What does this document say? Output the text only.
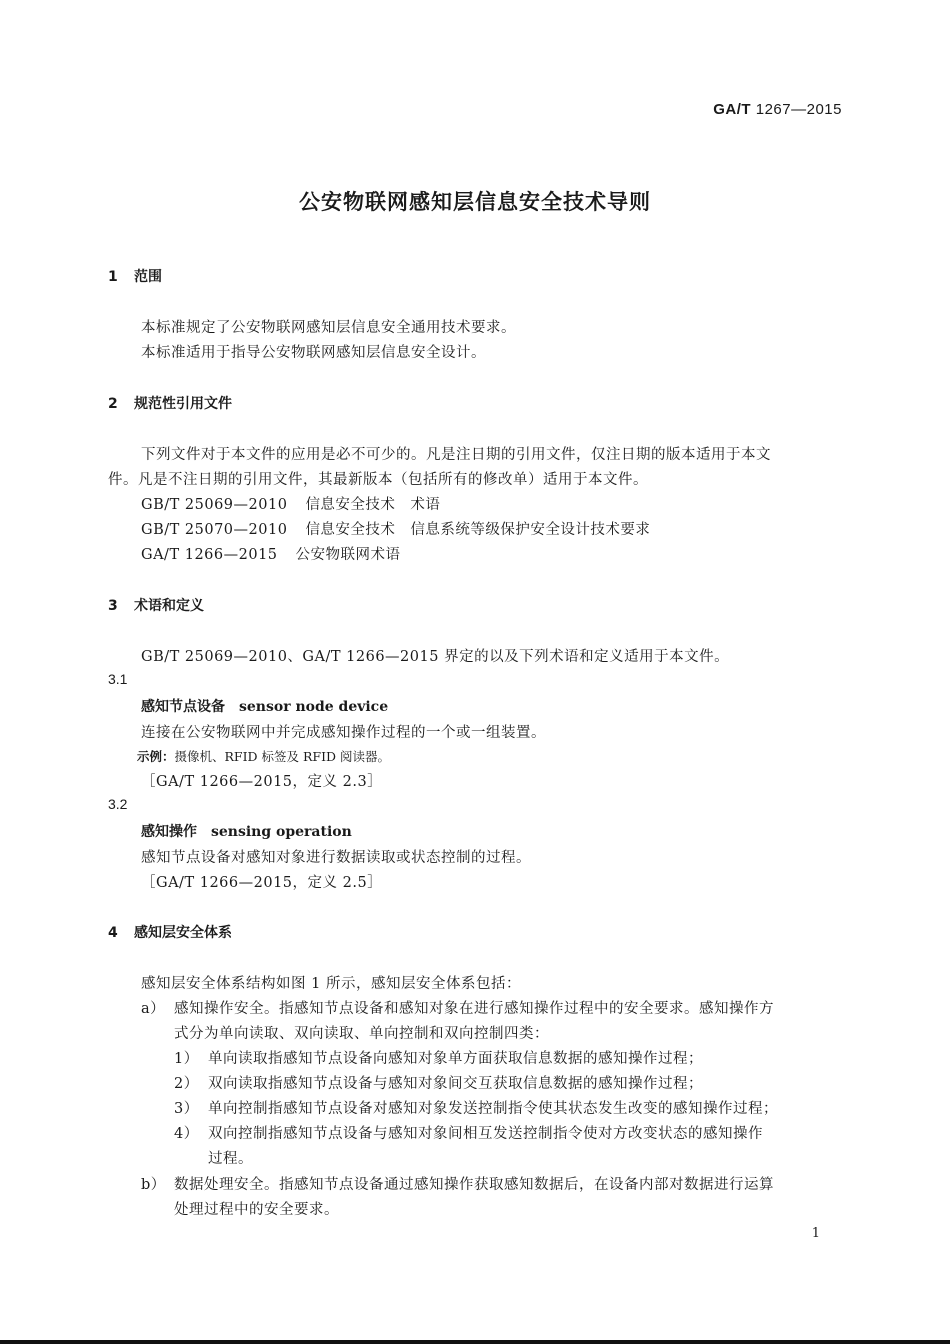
GA/T 1267—2015
公安物联网感知层信息安全技术导则
1 范围
本标准规定了公安物联网感知层信息安全通用技术要求。
本标准适用于指导公安物联网感知层信息安全设计。
2 规范性引用文件
下列文件对于本文件的应用是必不可少的。凡是注日期的引用文件，仅注日期的版本适用于本文
件。凡是不注日期的引用文件，其最新版本（包括所有的修改单）适用于本文件。
GB/T 25069—2010 信息安全技术　术语
GB/T 25070—2010 信息安全技术　信息系统等级保护安全设计技术要求
GA/T 1266—2015 公安物联网术语
3 术语和定义
GB/T 25069—2010、GA/T 1266—2015 界定的以及下列术语和定义适用于本文件。
3.1
感知节点设备 sensor node device
连接在公安物联网中并完成感知操作过程的一个或一组装置。
示例：摄像机、RFID 标签及 RFID 阅读器。
［GA/T 1266—2015，定义 2.3］
3.2
感知操作 sensing operation
感知节点设备对感知对象进行数据读取或状态控制的过程。
［GA/T 1266—2015，定义 2.5］
4 感知层安全体系
感知层安全体系结构如图 1 所示，感知层安全体系包括：
a） 感知操作安全。指感知节点设备和感知对象在进行感知操作过程中的安全要求。感知操作方
式分为单向读取、双向读取、单向控制和双向控制四类：
1） 单向读取指感知节点设备向感知对象单方面获取信息数据的感知操作过程；
2） 双向读取指感知节点设备与感知对象间交互获取信息数据的感知操作过程；
3） 单向控制指感知节点设备对感知对象发送控制指令使其状态发生改变的感知操作过程；
4） 双向控制指感知节点设备与感知对象间相互发送控制指令使对方改变状态的感知操作
过程。
b） 数据处理安全。指感知节点设备通过感知操作获取感知数据后，在设备内部对数据进行运算
处理过程中的安全要求。
1
